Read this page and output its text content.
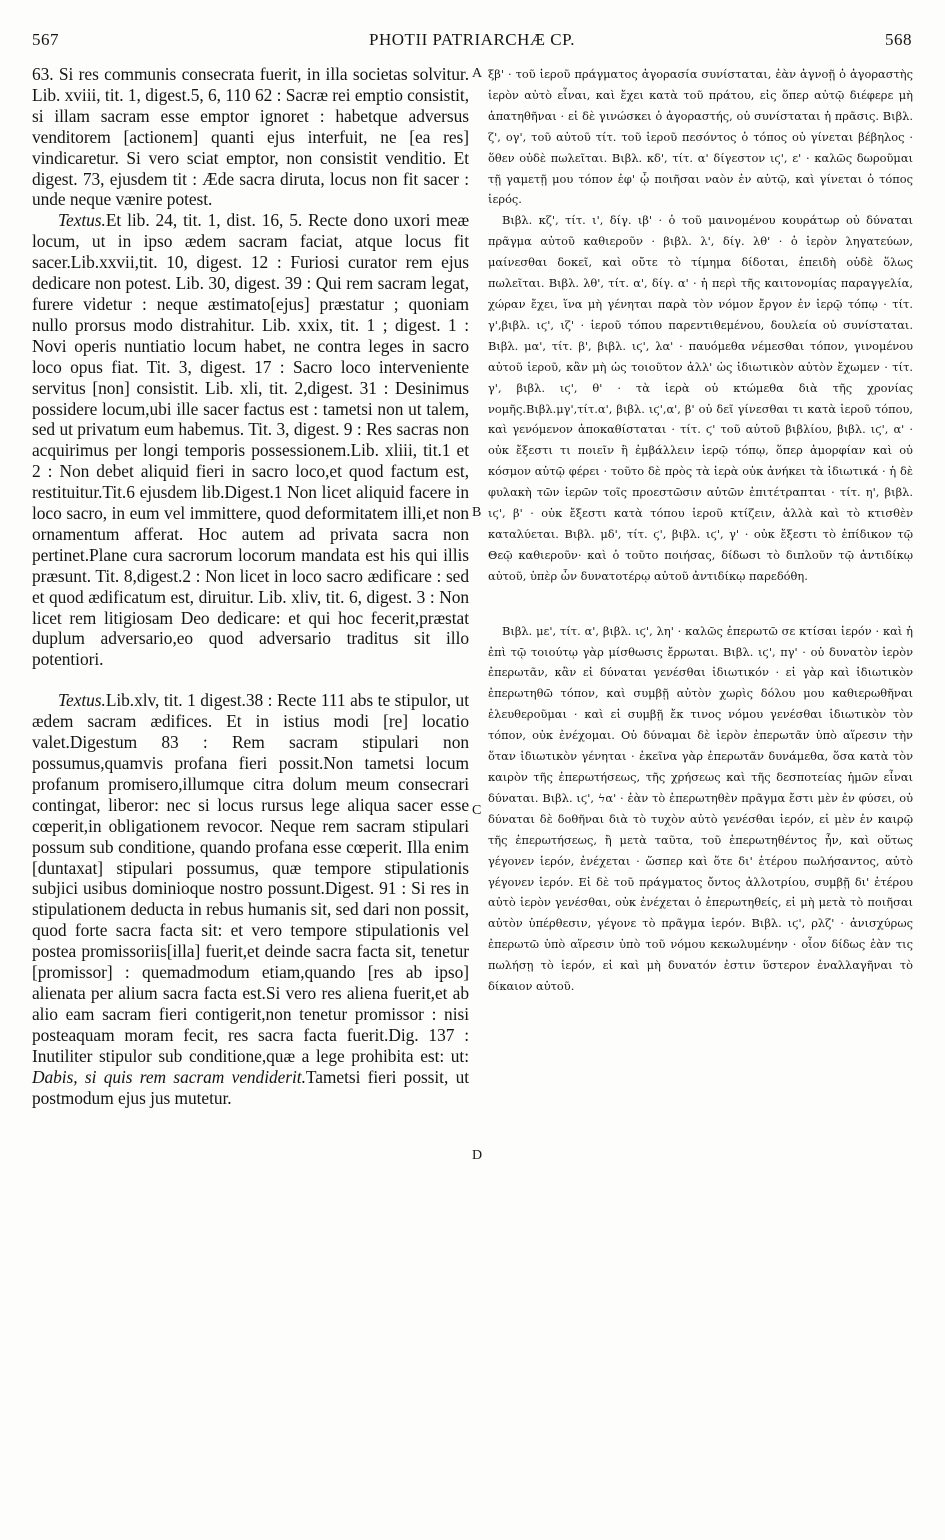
567	PHOTII PATRIARCHÆ CP.	568
A
B
C
D

63. Si res communis consecrata fuerit, in illa societas solvitur. Lib. xviii, tit. 1, digest.5, 6, 110 62 : Sacræ rei emptio consistit, si illam sacram esse emptor ignoret : habetque adversus venditorem [actionem] quanti ejus interfuit, ne [ea res] vindicaretur. Si vero sciat emptor, non consistit venditio. Et digest. 73, ejusdem tit : Æde sacra diruta, locus non fit sacer : unde neque vænire potest.

Textus.Et lib. 24, tit. 1, dist. 16, 5. Recte dono uxori meæ locum, ut in ipso ædem sacram faciat, atque locus fit sacer.Lib.xxvii,tit. 10, digest. 12 : Furiosi curator rem ejus dedicare non potest. Lib. 30, digest. 39 : Qui rem sacram legat, furere videtur : neque æstimato[ejus] præstatur ; quoniam nullo prorsus modo distrahitur. Lib. xxix, tit. 1 ; digest. 1 : Novi operis nuntiatio locum habet, ne contra leges in sacro loco opus fiat. Tit. 3, digest. 17 : Sacro loco interveniente servitus [non] consistit. Lib. xli, tit. 2,digest. 31 : Desinimus possidere locum,ubi ille sacer factus est : tametsi non ut talem, sed ut privatum eum habemus. Tit. 3, digest. 9 : Res sacras non acquirimus per longi temporis possessionem.Lib. xliii, tit.1 et 2 : Non debet aliquid fieri in sacro loco,et quod factum est, restituitur.Tit.6 ejusdem lib.Digest.1 Non licet aliquid facere in loco sacro, in eum vel immittere, quod deformitatem illi,et non ornamentum afferat. Hoc autem ad privata sacra non pertinet.Plane cura sacrorum locorum mandata est his qui illis præsunt. Tit. 8,digest.2 : Non licet in loco sacro ædificare : sed et quod ædificatum est, diruitur. Lib. xliv, tit. 6, digest. 3 : Non licet rem litigiosam Deo dedicare: et qui hoc fecerit,præstat duplum adversario,eo quod adversario traditus sit illo potentiori.

Textus.Lib.xlv, tit. 1 digest.38 : Recte 111 abs te stipulor, ut ædem sacram ædifices. Et in istius modi [re] locatio valet.Digestum 83 : Rem sacram stipulari non possumus,quamvis profana fieri possit.Non tametsi locum profanum promisero,illumque citra dolum meum consecrari contingat, liberor: nec si locus rursus lege aliqua sacer esse cœperit,in obligationem revocor. Neque rem sacram stipulari possum sub conditione, quando profana esse cœperit. Illa enim [duntaxat] stipulari possumus, quæ tempore stipulationis subjici usibus dominioque nostro possunt.Digest. 91 : Si res in stipulationem deducta in rebus humanis sit, sed dari non possit, quod forte sacra facta sit: et vero tempore stipulationis vel postea promissoriis[illa] fuerit,et deinde sacra facta sit, tenetur [promissor] : quemadmodum etiam,quando [res ab ipso] alienata per alium sacra facta est.Si vero res aliena fuerit,et ab alio eam sacram fieri contigerit,non tenetur promissor : nisi posteaquam moram fecit, res sacra facta fuerit.Dig. 137 : Inutiliter stipulor sub conditione,quæ a lege prohibita est: ut: Dabis, si quis rem sacram vendiderit.Tametsi fieri possit, ut postmodum ejus jus mutetur.

ξβ' · τοῦ ἱεροῦ πράγματος ἀγορασία συνίσταται, ἐὰν ἀγνοῇ ὁ ἀγοραστὴς ἱερὸν αὐτὸ εἶναι, καὶ ἔχει κατὰ τοῦ πράτου, εἰς ὅπερ αὐτῷ διέφερε μὴ ἀπατηθῆναι · εἰ δὲ γινώσκει ὁ ἀγοραστής, οὐ συνίσταται ἡ πρᾶσις. Βιβλ. ζ', ογ', τοῦ αὐτοῦ τίτ. τοῦ ἱεροῦ πεσόντος ὁ τόπος οὐ γίνεται βέβηλος · ὅθεν οὐδὲ πωλεῖται. Βιβλ. κδ', τίτ. α' δίγεστον ιϛ', ε' · καλῶς δωροῦμαι τῇ γαμετῇ μου τόπον ἐφ' ᾧ ποιῆσαι ναὸν ἐν αὐτῷ, καὶ γίνεται ὁ τόπος ἱερός.

Βιβλ. κζ', τίτ. ι', δίγ. ιβ' · ὁ τοῦ μαινομένου κουράτωρ οὐ δύναται πρᾶγμα αὐτοῦ καθιεροῦν · βιβλ. λ', δίγ. λθ' · ὁ ἱερὸν ληγατεύων, μαίνεσθαι δοκεῖ, καὶ οὔτε τὸ τίμημα δίδοται, ἐπειδὴ οὐδὲ ὅλως πωλεῖται. Βιβλ. λθ', τίτ. α', δίγ. α' · ἡ περὶ τῆς καιτονομίας παραγγελία, χώραν ἔχει, ἵνα μὴ γένηται παρὰ τὸν νόμον ἔργον ἐν ἱερῷ τόπῳ · τίτ. γ',βιβλ. ιϛ', ιζ' · ἱεροῦ τόπου παρεντιθεμένου, δουλεία οὐ συνίσταται. Βιβλ. μα', τίτ. β', βιβλ. ιϛ', λα' · παυόμεθα νέμεσθαι τόπον, γινομένου αὐτοῦ ἱεροῦ, κἂν μὴ ὡς τοιοῦτον ἀλλ' ὡς ἰδιωτικὸν αὐτὸν ἔχωμεν · τίτ. γ', βιβλ. ιϛ', θ' · τὰ ἱερὰ οὐ κτώμεθα διὰ τῆς χρονίας νομῆς.Βιβλ.μγ',τίτ.α', βιβλ. ιϛ',α', β' οὐ δεῖ γίνεσθαι τι κατὰ ἱεροῦ τόπου, καὶ γενόμενον ἀποκαθίσταται · τίτ. ϛ' τοῦ αὐτοῦ βιβλίου, βιβλ. ιϛ', α' · οὐκ ἔξεστι τι ποιεῖν ἢ ἐμβάλλειν ἱερῷ τόπῳ, ὅπερ ἀμορφίαν καὶ οὐ κόσμον αὐτῷ φέρει · τοῦτο δὲ πρὸς τὰ ἱερὰ οὐκ ἀνήκει τὰ ἰδιωτικά · ἡ δὲ φυλακὴ τῶν ἱερῶν τοῖς προεστῶσιν αὐτῶν ἐπιτέτραπται · τίτ. η', βιβλ. ιϛ', β' · οὐκ ἔξεστι κατὰ τόπου ἱεροῦ κτίζειν, ἀλλὰ καὶ τὸ κτισθὲν καταλύεται. Βιβλ. μδ', τίτ. ϛ', βιβλ. ιϛ', γ' · οὐκ ἔξεστι τὸ ἐπίδικον τῷ Θεῷ καθιεροῦν· καὶ ὁ τοῦτο ποιήσας, δίδωσι τὸ διπλοῦν τῷ ἀντιδίκῳ αὐτοῦ, ὑπὲρ ὧν δυνατοτέρῳ αὐτοῦ ἀντιδίκῳ παρεδόθη.

Βιβλ. με', τίτ. α', βιβλ. ιϛ', λη' · καλῶς ἐπερωτῶ σε κτίσαι ἱερόν · καὶ ἡ ἐπὶ τῷ τοιούτῳ γὰρ μίσθωσις ἔρρωται. Βιβλ. ιϛ', πγ' · οὐ δυνατὸν ἱερὸν ἐπερωτᾶν, κἂν εἰ δύναται γενέσθαι ἰδιωτικόν · εἰ γὰρ καὶ ἰδιωτικὸν ἐπερωτηθῶ τόπον, καὶ συμβῇ αὐτὸν χωρὶς δόλου μου καθιερωθῆναι ἐλευθεροῦμαι · καὶ εἰ συμβῇ ἔκ τινος νόμου γενέσθαι ἰδιωτικὸν τὸν τόπον, οὐκ ἐνέχομαι. Οὐ δύναμαι δὲ ἱερὸν ἐπερωτᾶν ὑπὸ αἵρεσιν τὴν ὅταν ἰδιωτικὸν γένηται · ἐκεῖνα γὰρ ἐπερωτᾶν δυνάμεθα, ὅσα κατὰ τὸν καιρὸν τῆς ἐπερωτήσεως, τῆς χρήσεως καὶ τῆς δεσποτείας ἡμῶν εἶναι δύναται. Βιβλ. ιϛ', ϟα' · ἐὰν τὸ ἐπερωτηθὲν πρᾶγμα ἔστι μὲν ἐν φύσει, οὐ δύναται δὲ δοθῆναι διὰ τὸ τυχὸν αὐτὸ γενέσθαι ἱερόν, εἰ μὲν ἐν καιρῷ τῆς ἐπερωτήσεως, ἢ μετὰ ταῦτα, τοῦ ἐπερωτηθέντος ἦν, καὶ οὕτως γέγονεν ἱερόν, ἐνέχεται · ὥσπερ καὶ ὅτε δι' ἑτέρου πωλήσαντος, αὐτὸ γέγονεν ἱερόν. Εἰ δὲ τοῦ πράγματος ὄντος ἀλλοτρίου, συμβῇ δι' ἑτέρου αὐτὸ ἱερὸν γενέσθαι, οὐκ ἐνέχεται ὁ ἐπερωτηθείς, εἰ μὴ μετὰ τὸ ποιῆσαι αὐτὸν ὑπέρθεσιν, γέγονε τὸ πρᾶγμα ἱερόν. Βιβλ. ιϛ', ρλζ' · ἀνισχύρως ἐπερωτῶ ὑπὸ αἵρεσιν ὑπὸ τοῦ νόμου κεκωλυμένην · οἷον δίδως ἐὰν τις πωλήσῃ τὸ ἱερόν, εἰ καὶ μὴ δυνατόν ἐστιν ὕστερον ἐναλλαγῆναι τὸ δίκαιον αὐτοῦ.
